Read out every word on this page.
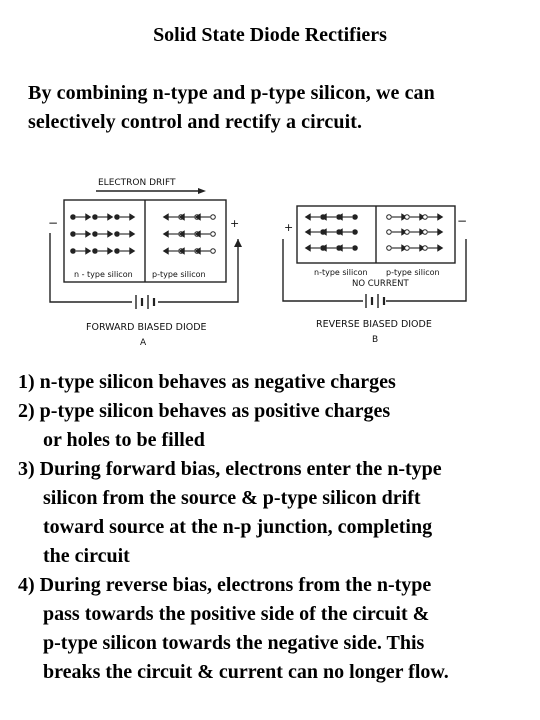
Solid State Diode Rectifiers
By combining n-type and p-type silicon, we can
selectively control and rectify a circuit.
ELECTRON DRIFT
−	+
n - type silicon p-type silicon
FORWARD BIASED DIODE
A
+	−
n-type silicon p-type silicon
NO CURRENT
REVERSE BIASED DIODE
B
1) n-type silicon behaves as negative charges
2) p-type silicon behaves as positive charges
or holes to be filled
3) During forward bias, electrons enter the n-type
silicon from the source & p-type silicon drift
toward source at the n-p junction, completing
the circuit
4) During reverse bias, electrons from the n-type
pass towards the positive side of the circuit &
p-type silicon towards the negative side. This
breaks the circuit & current can no longer flow.
